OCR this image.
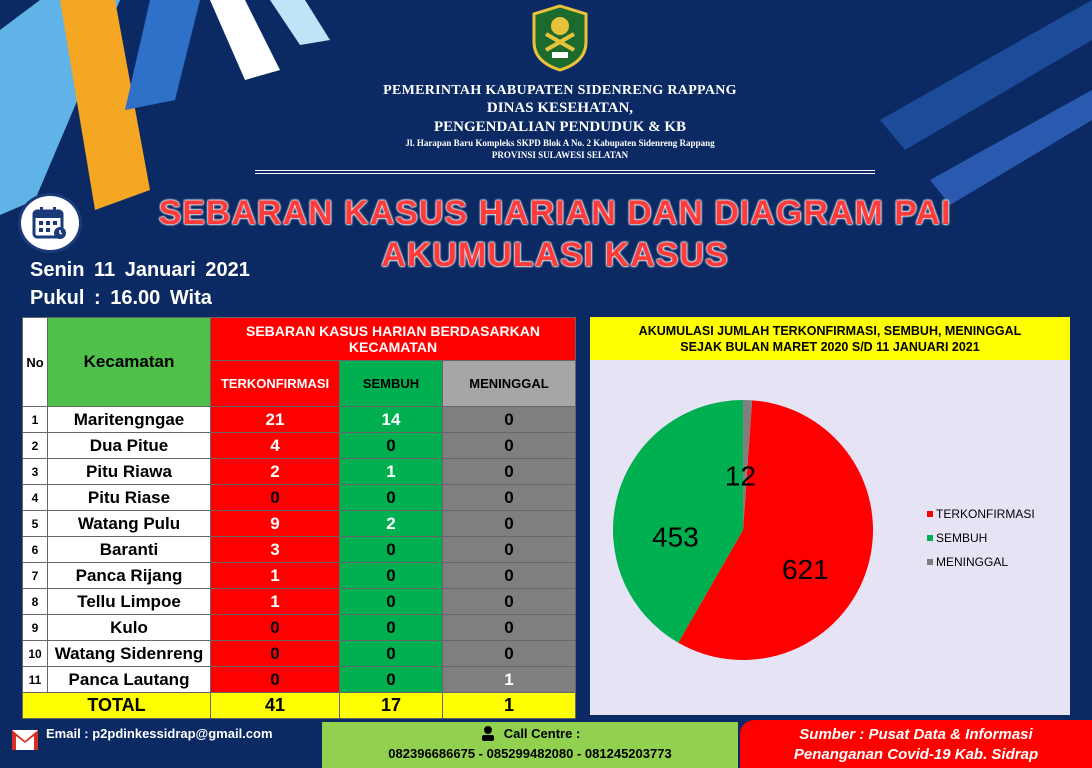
PEMERINTAH KABUPATEN SIDENRENG RAPPANG
DINAS KESEHATAN,
PENGENDALIAN PENDUDUK & KB
Jl. Harapan Baru Kompleks SKPD Blok A No. 2 Kabupaten Sidenreng Rappang
PROVINSI SULAWESI SELATAN
SEBARAN KASUS HARIAN DAN DIAGRAM PAI
AKUMULASI KASUS
Senin 11 Januari 2021
Pukul : 16.00 Wita
No	Kecamatan	SEBARAN KASUS HARIAN BERDASARKAN KECAMATAN		
		TERKONFIRMASI	SEMBUH	MENINGGAL
1	Maritengngae	21	14	0
2	Dua Pitue	4	0	0
3	Pitu Riawa	2	1	0
4	Pitu Riase	0	0	0
5	Watang Pulu	9	2	0
6	Baranti	3	0	0
7	Panca Rijang	1	0	0
8	Tellu Limpoe	1	0	0
9	Kulo	0	0	0
10	Watang Sidenreng	0	0	0
11	Panca Lautang	0	0	1
TOTAL		41	17	1
AKUMULASI JUMLAH TERKONFIRMASI, SEMBUH, MENINGGAL
SEJAK BULAN MARET 2020 S/D 11 JANUARI 2021
621
453
12
TERKONFIRMASI
SEMBUH
MENINGGAL
Email : p2pdinkessidrap@gmail.com	Call Centre :
082396686675 - 085299482080 - 081245203773
Sumber : Pusat Data & Informasi
Penanganan Covid-19 Kab. Sidrap
